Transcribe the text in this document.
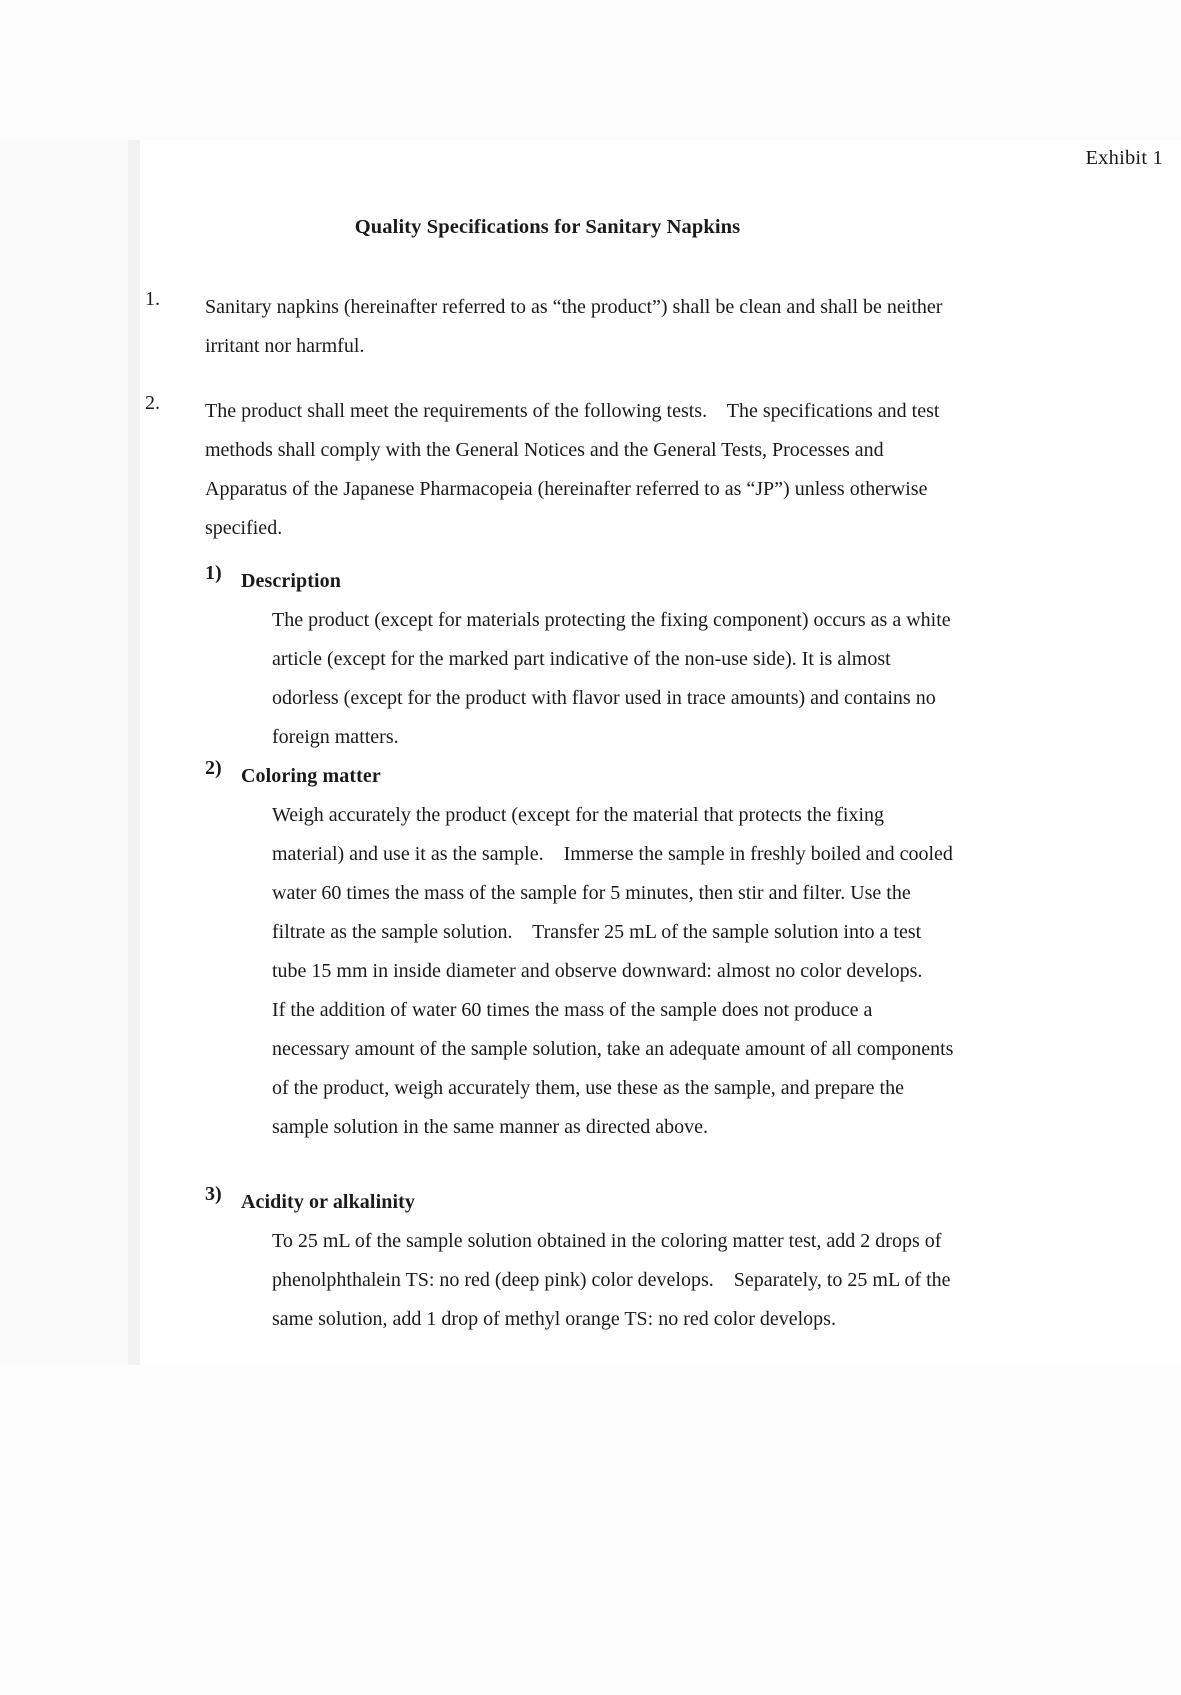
Exhibit 1
Quality Specifications for Sanitary Napkins
1. Sanitary napkins (hereinafter referred to as “the product”) shall be clean and shall be neither irritant nor harmful.
2. The product shall meet the requirements of the following tests.    The specifications and test methods shall comply with the General Notices and the General Tests, Processes and Apparatus of the Japanese Pharmacopeia (hereinafter referred to as “JP”) unless otherwise specified.
1) Description
The product (except for materials protecting the fixing component) occurs as a white article (except for the marked part indicative of the non-use side). It is almost odorless (except for the product with flavor used in trace amounts) and contains no foreign matters.
2) Coloring matter
Weigh accurately the product (except for the material that protects the fixing material) and use it as the sample.    Immerse the sample in freshly boiled and cooled water 60 times the mass of the sample for 5 minutes, then stir and filter. Use the filtrate as the sample solution.    Transfer 25 mL of the sample solution into a test tube 15 mm in inside diameter and observe downward: almost no color develops.
If the addition of water 60 times the mass of the sample does not produce a necessary amount of the sample solution, take an adequate amount of all components of the product, weigh accurately them, use these as the sample, and prepare the sample solution in the same manner as directed above.
3) Acidity or alkalinity
To 25 mL of the sample solution obtained in the coloring matter test, add 2 drops of phenolphthalein TS: no red (deep pink) color develops.    Separately, to 25 mL of the same solution, add 1 drop of methyl orange TS: no red color develops.
